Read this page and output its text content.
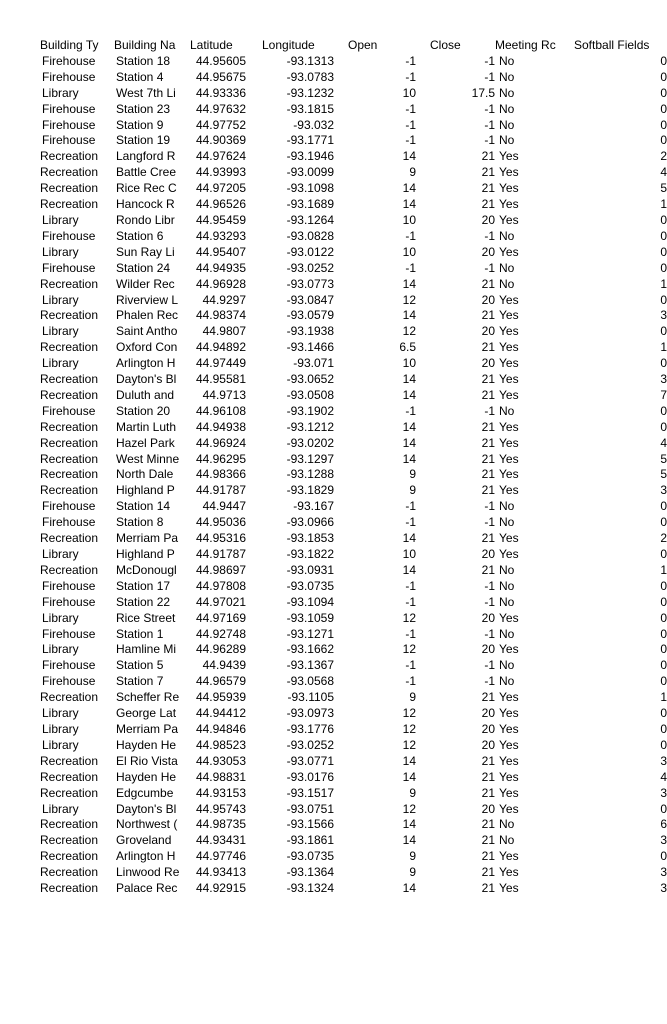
Building Ty	Building Na	Latitude	Longitude	Open	Close	Meeting Rc	Softball Fields
Firehouse	Station 18	44.95605	-93.1313	-1	-1	No	0
Firehouse	Station 4	44.95675	-93.0783	-1	-1	No	0
Library	West 7th Li	44.93336	-93.1232	10	17.5	No	0
Firehouse	Station 23	44.97632	-93.1815	-1	-1	No	0
Firehouse	Station 9	44.97752	-93.032	-1	-1	No	0
Firehouse	Station 19	44.90369	-93.1771	-1	-1	No	0
Recreation	Langford R	44.97624	-93.1946	14	21	Yes	2
Recreation	Battle Cree	44.93993	-93.0099	9	21	Yes	4
Recreation	Rice Rec C	44.97205	-93.1098	14	21	Yes	5
Recreation	Hancock R	44.96526	-93.1689	14	21	Yes	1
Library	Rondo Libr	44.95459	-93.1264	10	20	Yes	0
Firehouse	Station 6	44.93293	-93.0828	-1	-1	No	0
Library	Sun Ray Li	44.95407	-93.0122	10	20	Yes	0
Firehouse	Station 24	44.94935	-93.0252	-1	-1	No	0
Recreation	Wilder Rec	44.96928	-93.0773	14	21	No	1
Library	Riverview L	44.9297	-93.0847	12	20	Yes	0
Recreation	Phalen Rec	44.98374	-93.0579	14	21	Yes	3
Library	Saint Antho	44.9807	-93.1938	12	20	Yes	0
Recreation	Oxford Con	44.94892	-93.1466	6.5	21	Yes	1
Library	Arlington H	44.97449	-93.071	10	20	Yes	0
Recreation	Dayton's Bl	44.95581	-93.0652	14	21	Yes	3
Recreation	Duluth and	44.9713	-93.0508	14	21	Yes	7
Firehouse	Station 20	44.96108	-93.1902	-1	-1	No	0
Recreation	Martin Luth	44.94938	-93.1212	14	21	Yes	0
Recreation	Hazel Park	44.96924	-93.0202	14	21	Yes	4
Recreation	West Minne	44.96295	-93.1297	14	21	Yes	5
Recreation	North Dale	44.98366	-93.1288	9	21	Yes	5
Recreation	Highland P	44.91787	-93.1829	9	21	Yes	3
Firehouse	Station 14	44.9447	-93.167	-1	-1	No	0
Firehouse	Station 8	44.95036	-93.0966	-1	-1	No	0
Recreation	Merriam Pa	44.95316	-93.1853	14	21	Yes	2
Library	Highland P	44.91787	-93.1822	10	20	Yes	0
Recreation	McDonougl	44.98697	-93.0931	14	21	No	1
Firehouse	Station 17	44.97808	-93.0735	-1	-1	No	0
Firehouse	Station 22	44.97021	-93.1094	-1	-1	No	0
Library	Rice Street	44.97169	-93.1059	12	20	Yes	0
Firehouse	Station 1	44.92748	-93.1271	-1	-1	No	0
Library	Hamline Mi	44.96289	-93.1662	12	20	Yes	0
Firehouse	Station 5	44.9439	-93.1367	-1	-1	No	0
Firehouse	Station 7	44.96579	-93.0568	-1	-1	No	0
Recreation	Scheffer Re	44.95939	-93.1105	9	21	Yes	1
Library	George Lat	44.94412	-93.0973	12	20	Yes	0
Library	Merriam Pa	44.94846	-93.1776	12	20	Yes	0
Library	Hayden He	44.98523	-93.0252	12	20	Yes	0
Recreation	El Rio Vista	44.93053	-93.0771	14	21	Yes	3
Recreation	Hayden He	44.98831	-93.0176	14	21	Yes	4
Recreation	Edgcumbe	44.93153	-93.1517	9	21	Yes	3
Library	Dayton's Bl	44.95743	-93.0751	12	20	Yes	0
Recreation	Northwest (	44.98735	-93.1566	14	21	No	6
Recreation	Groveland	44.93431	-93.1861	14	21	No	3
Recreation	Arlington H	44.97746	-93.0735	9	21	Yes	0
Recreation	Linwood Re	44.93413	-93.1364	9	21	Yes	3
Recreation	Palace Rec	44.92915	-93.1324	14	21	Yes	3
